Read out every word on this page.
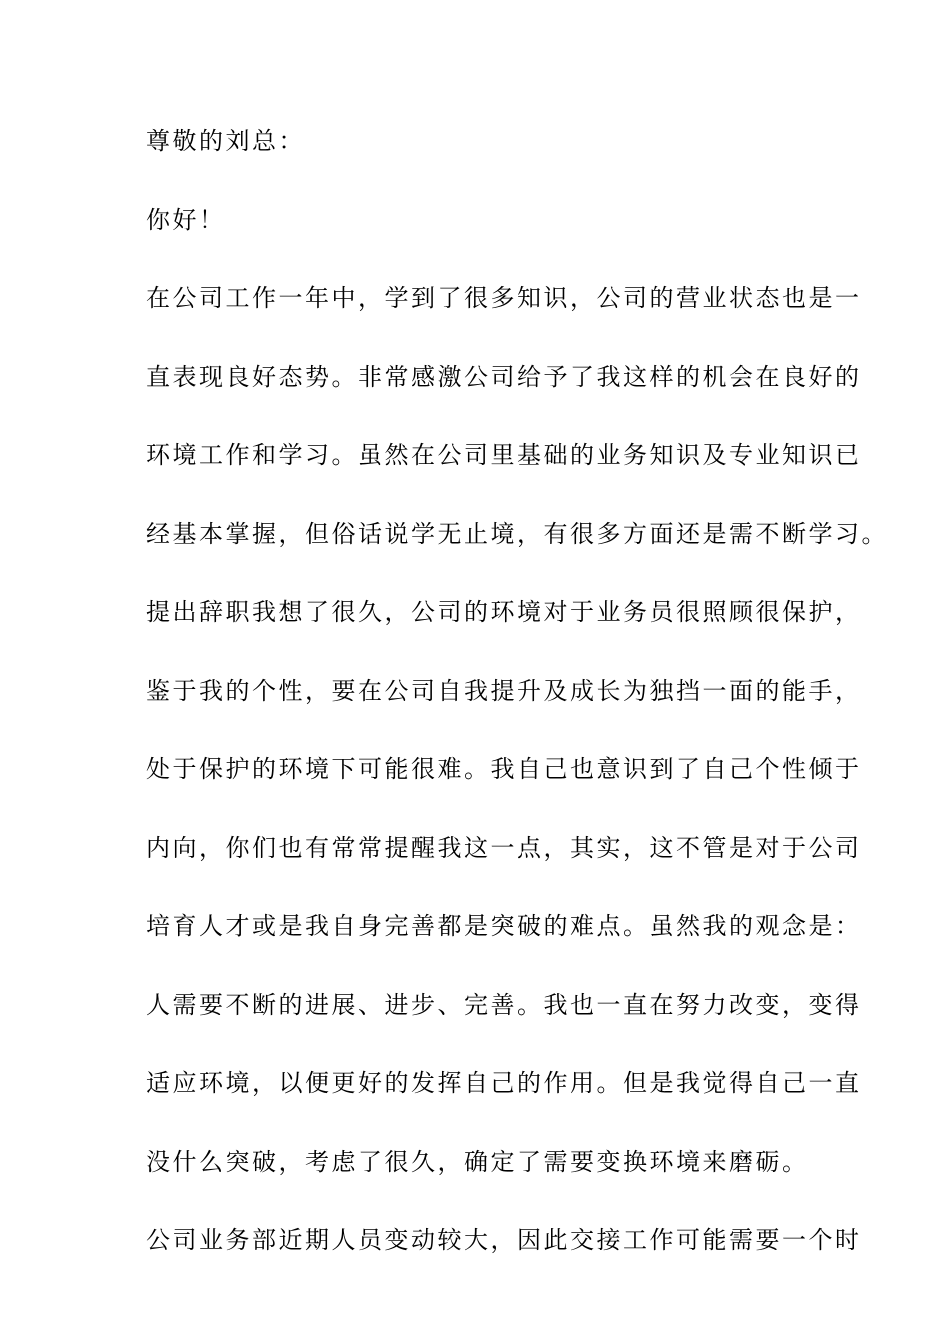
尊敬的刘总：
你好！
在公司工作一年中，学到了很多知识，公司的营业状态也是一
直表现良好态势。非常感激公司给予了我这样的机会在良好的
环境工作和学习。虽然在公司里基础的业务知识及专业知识已
经基本掌握，但俗话说学无止境，有很多方面还是需不断学习。
提出辞职我想了很久，公司的环境对于业务员很照顾很保护，
鉴于我的个性，要在公司自我提升及成长为独挡一面的能手，
处于保护的环境下可能很难。我自己也意识到了自己个性倾于
内向，你们也有常常提醒我这一点，其实，这不管是对于公司
培育人才或是我自身完善都是突破的难点。虽然我的观念是：
人需要不断的进展、进步、完善。我也一直在努力改变，变得
适应环境，以便更好的发挥自己的作用。但是我觉得自己一直
没什么突破，考虑了很久，确定了需要变换环境来磨砺。
公司业务部近期人员变动较大，因此交接工作可能需要一个时
